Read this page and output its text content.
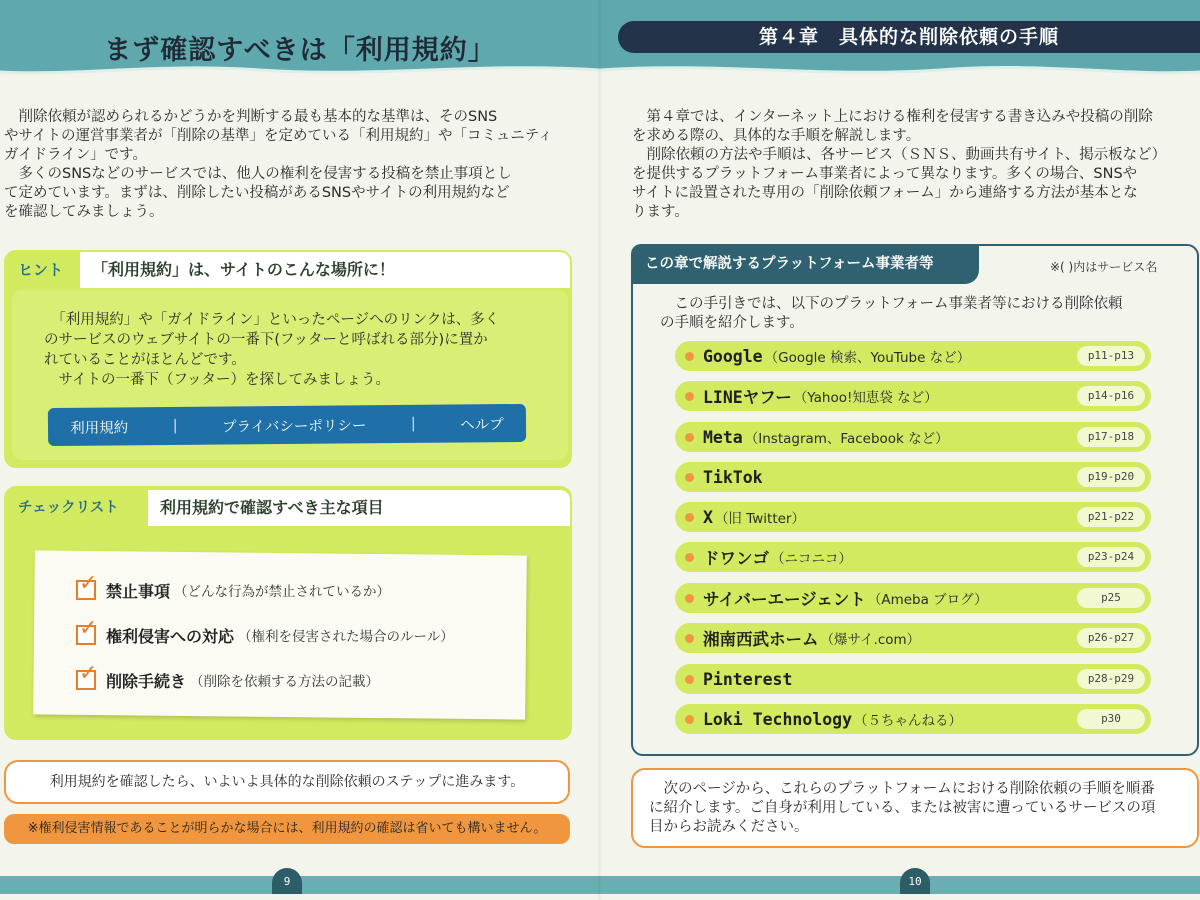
まず確認すべきは「利用規約」
　削除依頼が認められるかどうかを判断する最も基本的な基準は、そのSNS
やサイトの運営事業者が「削除の基準」を定めている「利用規約」や「コミュニティ
ガイドライン」です。
　多くのSNSなどのサービスでは、他人の権利を侵害する投稿を禁止事項とし
て定めています。まずは、削除したい投稿があるSNSやサイトの利用規約など
を確認してみましょう。
ヒント	「利用規約」は、サイトのこんな場所に！
　「利用規約」や「ガイドライン」といったページへのリンクは、多く
のサービスのウェブサイトの一番下(フッターと呼ばれる部分)に置か
れていることがほとんどです。
　サイトの一番下（フッター）を探してみましょう。
利用規約	|	プライバシーポリシー	|	ヘルプ
チェックリスト	利用規約で確認すべき主な項目
✓ 禁止事項 （どんな行為が禁止されているか）
✓ 権利侵害への対応 （権利を侵害された場合のルール）
✓ 削除手続き （削除を依頼する方法の記載）
利用規約を確認したら、いよいよ具体的な削除依頼のステップに進みます。
※権利侵害情報であることが明らかな場合には、利用規約の確認は省いても構いません。
9
第４章　具体的な削除依頼の手順
　第４章では、インターネット上における権利を侵害する書き込みや投稿の削除
を求める際の、具体的な手順を解説します。
　削除依頼の方法や手順は、各サービス（ＳＮＳ、動画共有サイト、掲示板など）
を提供するプラットフォーム事業者によって異なります。多くの場合、SNSや
サイトに設置された専用の「削除依頼フォーム」から連絡する方法が基本とな
ります。
この章で解説するプラットフォーム事業者等	※( )内はサービス名
　この手引きでは、以下のプラットフォーム事業者等における削除依頼
の手順を紹介します。
Google （Google 検索、YouTube など）	p11-p13
LINEヤフー （Yahoo!知恵袋 など）	p14-p16
Meta （Instagram、Facebook など）	p17-p18
TikTok	p19-p20
X （旧 Twitter）	p21-p22
ドワンゴ （ニコニコ）	p23-p24
サイバーエージェント （Ameba ブログ）	p25
湘南西武ホーム （爆サイ.com）	p26-p27
Pinterest	p28-p29
Loki Technology （５ちゃんねる）	p30
　次のページから、これらのプラットフォームにおける削除依頼の手順を順番
に紹介します。ご自身が利用している、または被害に遭っているサービスの項
目からお読みください。
10
